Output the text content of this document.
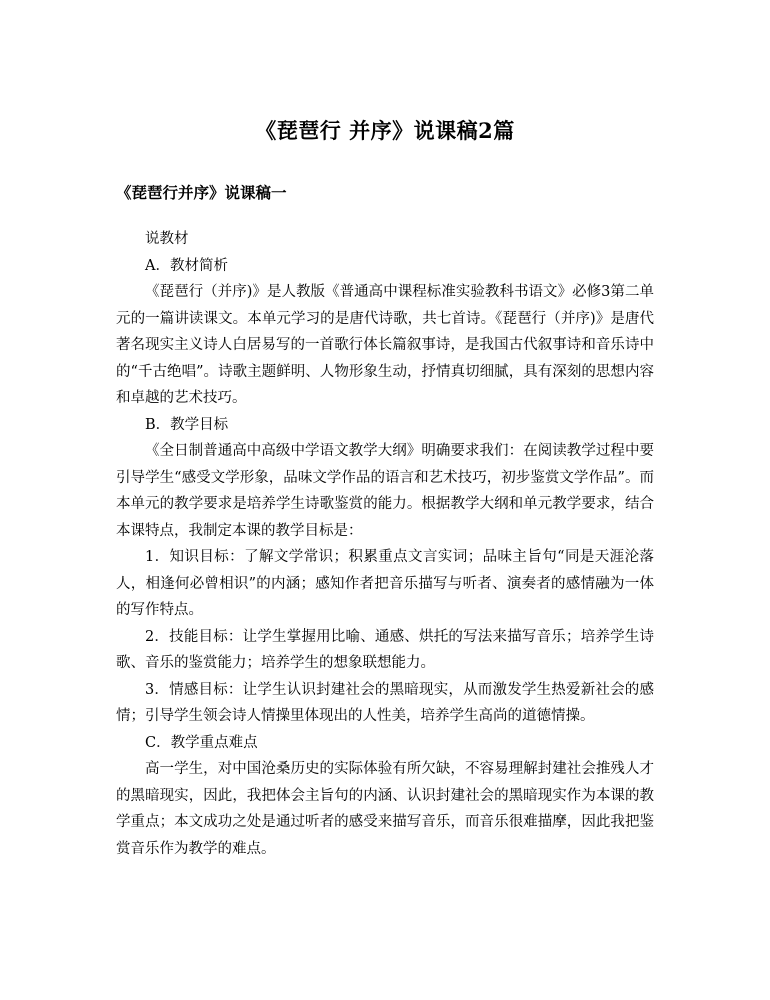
《琵琶行 并序》说课稿2篇
《琵琶行并序》说课稿一

说教材

A．教材简析

《琵琶行（并序)》是人教版《普通高中课程标准实验教科书语文》必修3第二单元的一篇讲读课文。本单元学习的是唐代诗歌，共七首诗。《琵琶行（并序)》是唐代著名现实主义诗人白居易写的一首歌行体长篇叙事诗，是我国古代叙事诗和音乐诗中的“千古绝唱”。诗歌主题鲜明、人物形象生动，抒情真切细腻，具有深刻的思想内容和卓越的艺术技巧。

B．教学目标

《全日制普通高中高级中学语文教学大纲》明确要求我们：在阅读教学过程中要引导学生“感受文学形象，品味文学作品的语言和艺术技巧，初步鉴赏文学作品”。而本单元的教学要求是培养学生诗歌鉴赏的能力。根据教学大纲和单元教学要求，结合本课特点，我制定本课的教学目标是：

1．知识目标：了解文学常识；积累重点文言实词；品味主旨句“同是天涯沦落人，相逢何必曾相识”的内涵；感知作者把音乐描写与听者、演奏者的感情融为一体的写作特点。

2．技能目标：让学生掌握用比喻、通感、烘托的写法来描写音乐；培养学生诗歌、音乐的鉴赏能力；培养学生的想象联想能力。

3．情感目标：让学生认识封建社会的黑暗现实，从而激发学生热爱新社会的感情；引导学生领会诗人情操里体现出的人性美，培养学生高尚的道德情操。

C．教学重点难点

高一学生，对中国沧桑历史的实际体验有所欠缺，不容易理解封建社会推残人才的黑暗现实，因此，我把体会主旨句的内涵、认识封建社会的黑暗现实作为本课的教学重点；本文成功之处是通过听者的感受来描写音乐，而音乐很难描摩，因此我把鉴赏音乐作为教学的难点。
